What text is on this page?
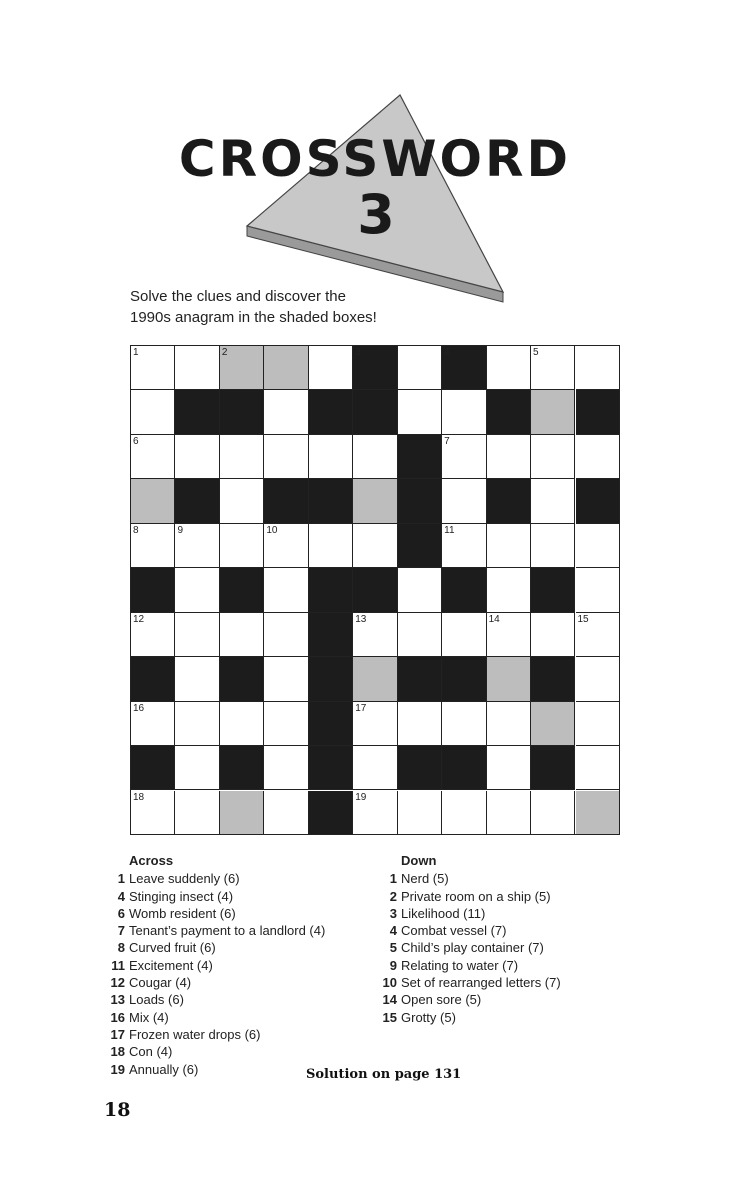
CROSSWORD
3
Solve the clues and discover the
1990s anagram in the shaded boxes!
1	2	3	4	5
6	7
8	9	10	11
12	13	14	15
16	17
18	19
Across
1 Leave suddenly (6)
4 Stinging insect (4)
6 Womb resident (6)
7 Tenant’s payment to a landlord (4)
8 Curved fruit (6)
11 Excitement (4)
12 Cougar (4)
13 Loads (6)
16 Mix (4)
17 Frozen water drops (6)
18 Con (4)
19 Annually (6)
Down
1 Nerd (5)
2 Private room on a ship (5)
3 Likelihood (11)
4 Combat vessel (7)
5 Child’s play container (7)
9 Relating to water (7)
10 Set of rearranged letters (7)
14 Open sore (5)
15 Grotty (5)
Solution on page 131
18
